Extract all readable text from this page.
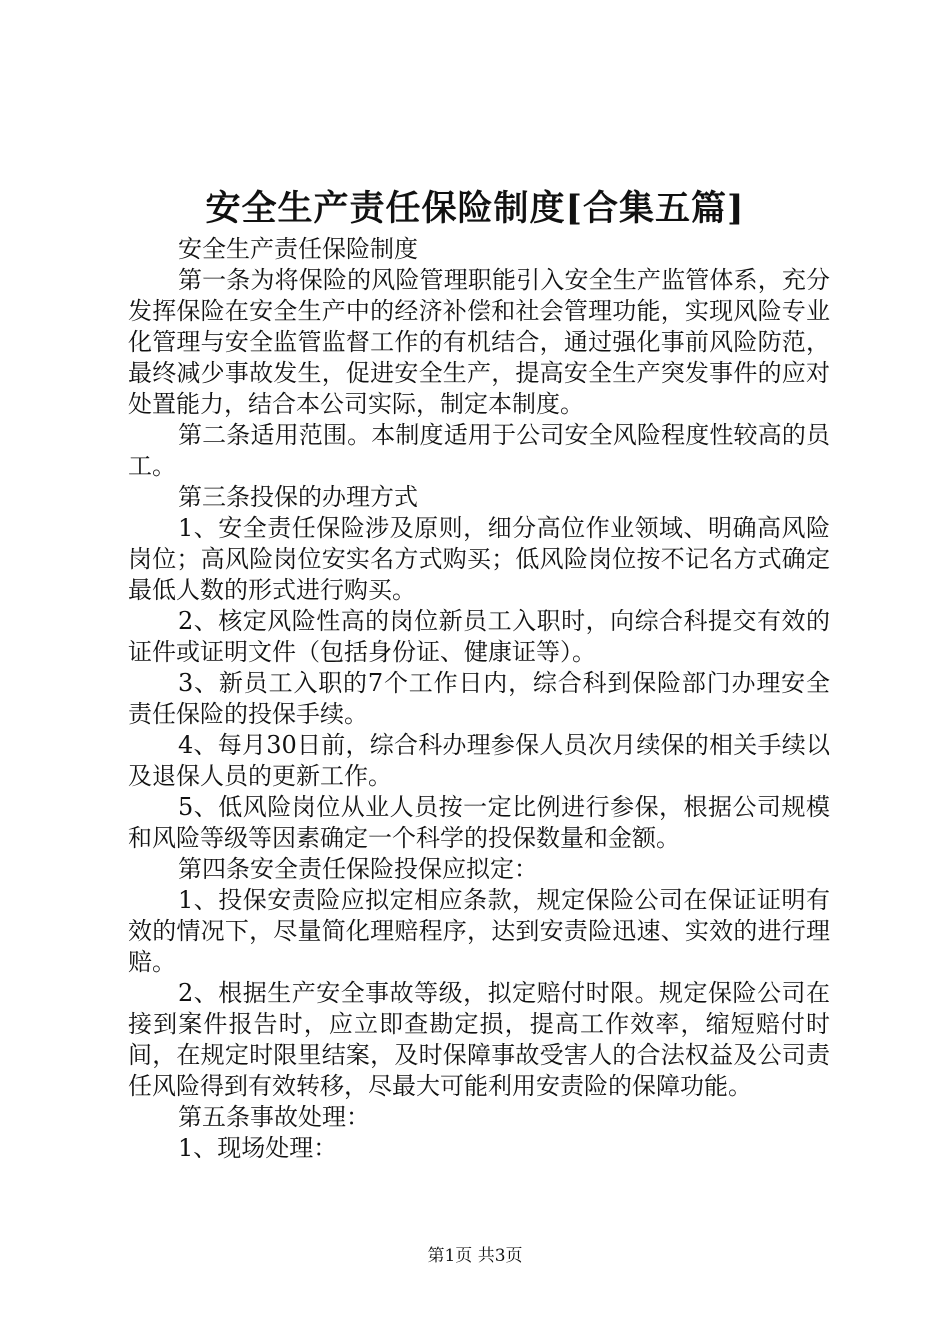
安全生产责任保险制度[合集五篇]

安全生产责任保险制度

第一条为将保险的风险管理职能引入安全生产监管体系，充分发挥保险在安全生产中的经济补偿和社会管理功能，实现风险专业化管理与安全监管监督工作的有机结合，通过强化事前风险防范，最终减少事故发生，促进安全生产，提高安全生产突发事件的应对处置能力，结合本公司实际，制定本制度。

第二条适用范围。本制度适用于公司安全风险程度性较高的员工。

第三条投保的办理方式

1、安全责任保险涉及原则，细分高位作业领域、明确高风险岗位；高风险岗位安实名方式购买；低风险岗位按不记名方式确定最低人数的形式进行购买。

2、核定风险性高的岗位新员工入职时，向综合科提交有效的证件或证明文件（包括身份证、健康证等）。

3、新员工入职的7个工作日内，综合科到保险部门办理安全责任保险的投保手续。

4、每月30日前，综合科办理参保人员次月续保的相关手续以及退保人员的更新工作。

5、低风险岗位从业人员按一定比例进行参保，根据公司规模和风险等级等因素确定一个科学的投保数量和金额。

第四条安全责任保险投保应拟定：

1、投保安责险应拟定相应条款，规定保险公司在保证证明有效的情况下，尽量简化理赔程序，达到安责险迅速、实效的进行理赔。

2、根据生产安全事故等级，拟定赔付时限。规定保险公司在接到案件报告时，应立即查勘定损，提高工作效率，缩短赔付时间，在规定时限里结案，及时保障事故受害人的合法权益及公司责任风险得到有效转移，尽最大可能利用安责险的保障功能。

第五条事故处理：

1、现场处理：

第1页 共3页
